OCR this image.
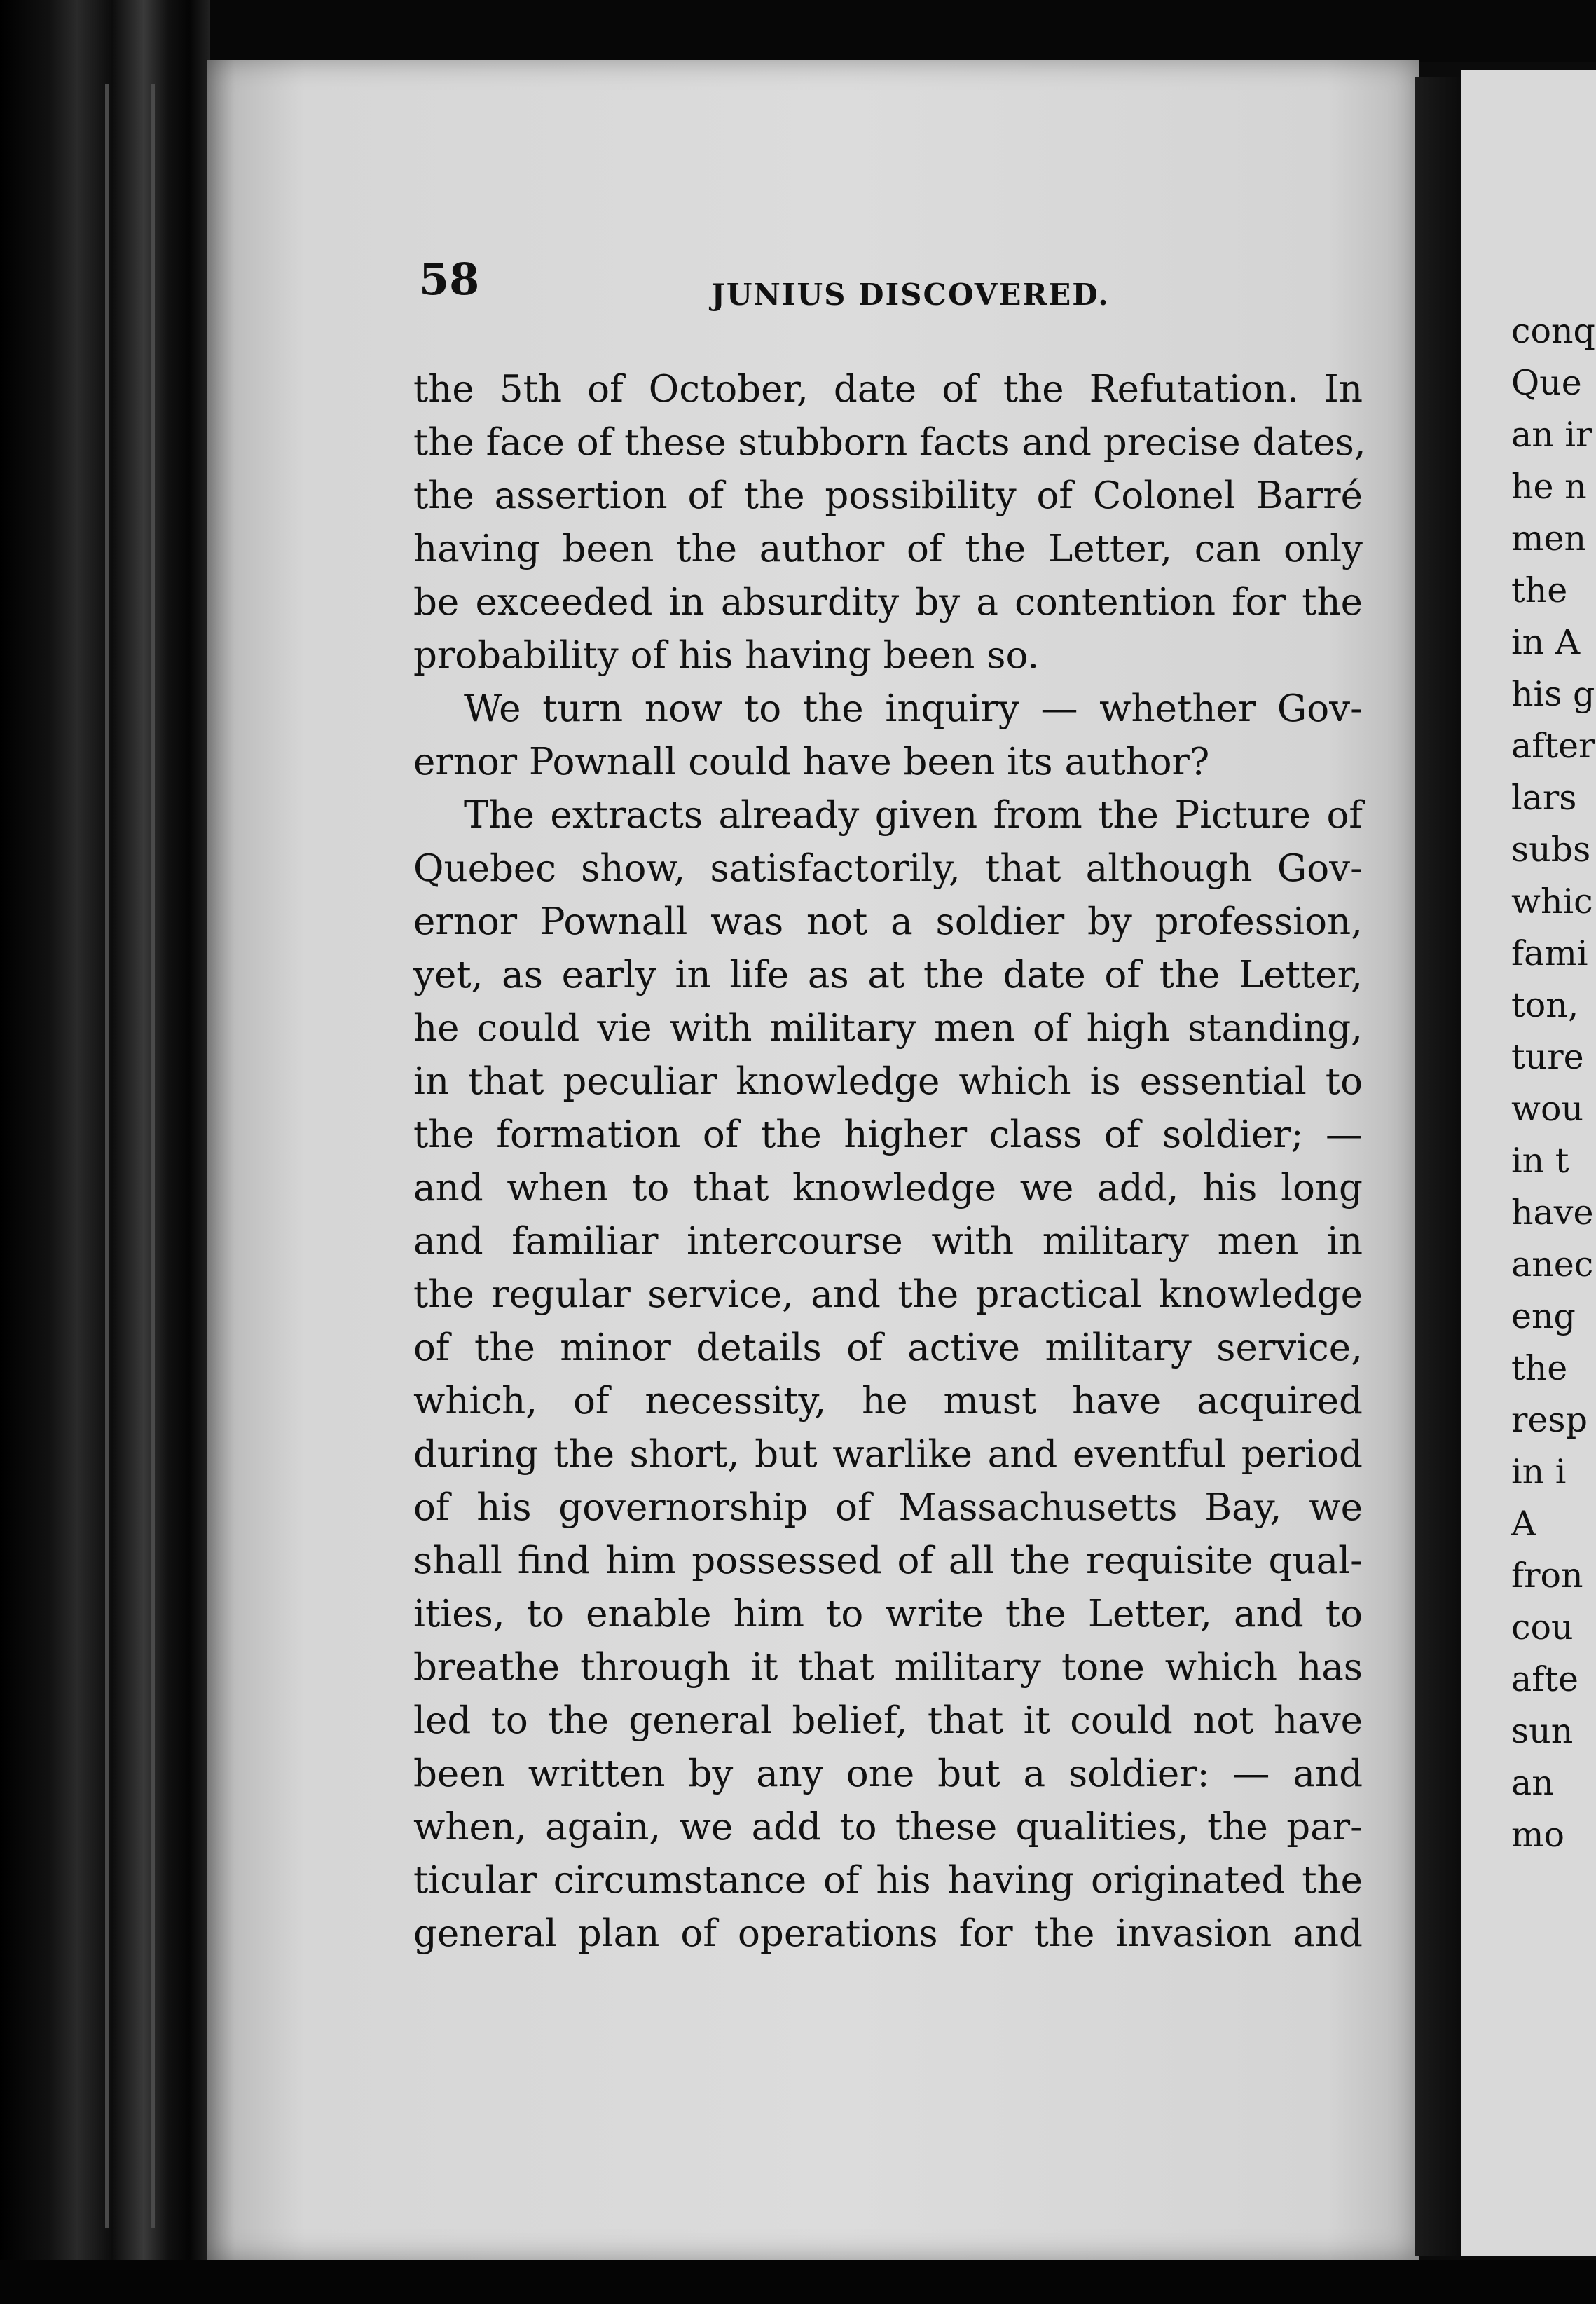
conq
Que
an ir
he n
men
the
in A
his g
after
lars
subs
whic
fami
ton,
ture
wou
in t
have
anec
eng
the
resp
in i
A
fron
cou
afte
sun
an
mo
58	JUNIUS DISCOVERED.
the 5th of October, date of the Refutation. In
the face of these stubborn facts and precise dates,
the assertion of the possibility of Colonel Barré
having been the author of the Letter, can only
be exceeded in absurdity by a contention for the
probability of his having been so.
We turn now to the inquiry — whether Gov-
ernor Pownall could have been its author?
The extracts already given from the Picture of
Quebec show, satisfactorily, that although Gov-
ernor Pownall was not a soldier by profession,
yet, as early in life as at the date of the Letter,
he could vie with military men of high standing,
in that peculiar knowledge which is essential to
the formation of the higher class of soldier; —
and when to that knowledge we add, his long
and familiar intercourse with military men in
the regular service, and the practical knowledge
of the minor details of active military service,
which, of necessity, he must have acquired
during the short, but warlike and eventful period
of his governorship of Massachusetts Bay, we
shall find him possessed of all the requisite qual-
ities, to enable him to write the Letter, and to
breathe through it that military tone which has
led to the general belief, that it could not have
been written by any one but a soldier: — and
when, again, we add to these qualities, the par-
ticular circumstance of his having originated the
general plan of operations for the invasion and
